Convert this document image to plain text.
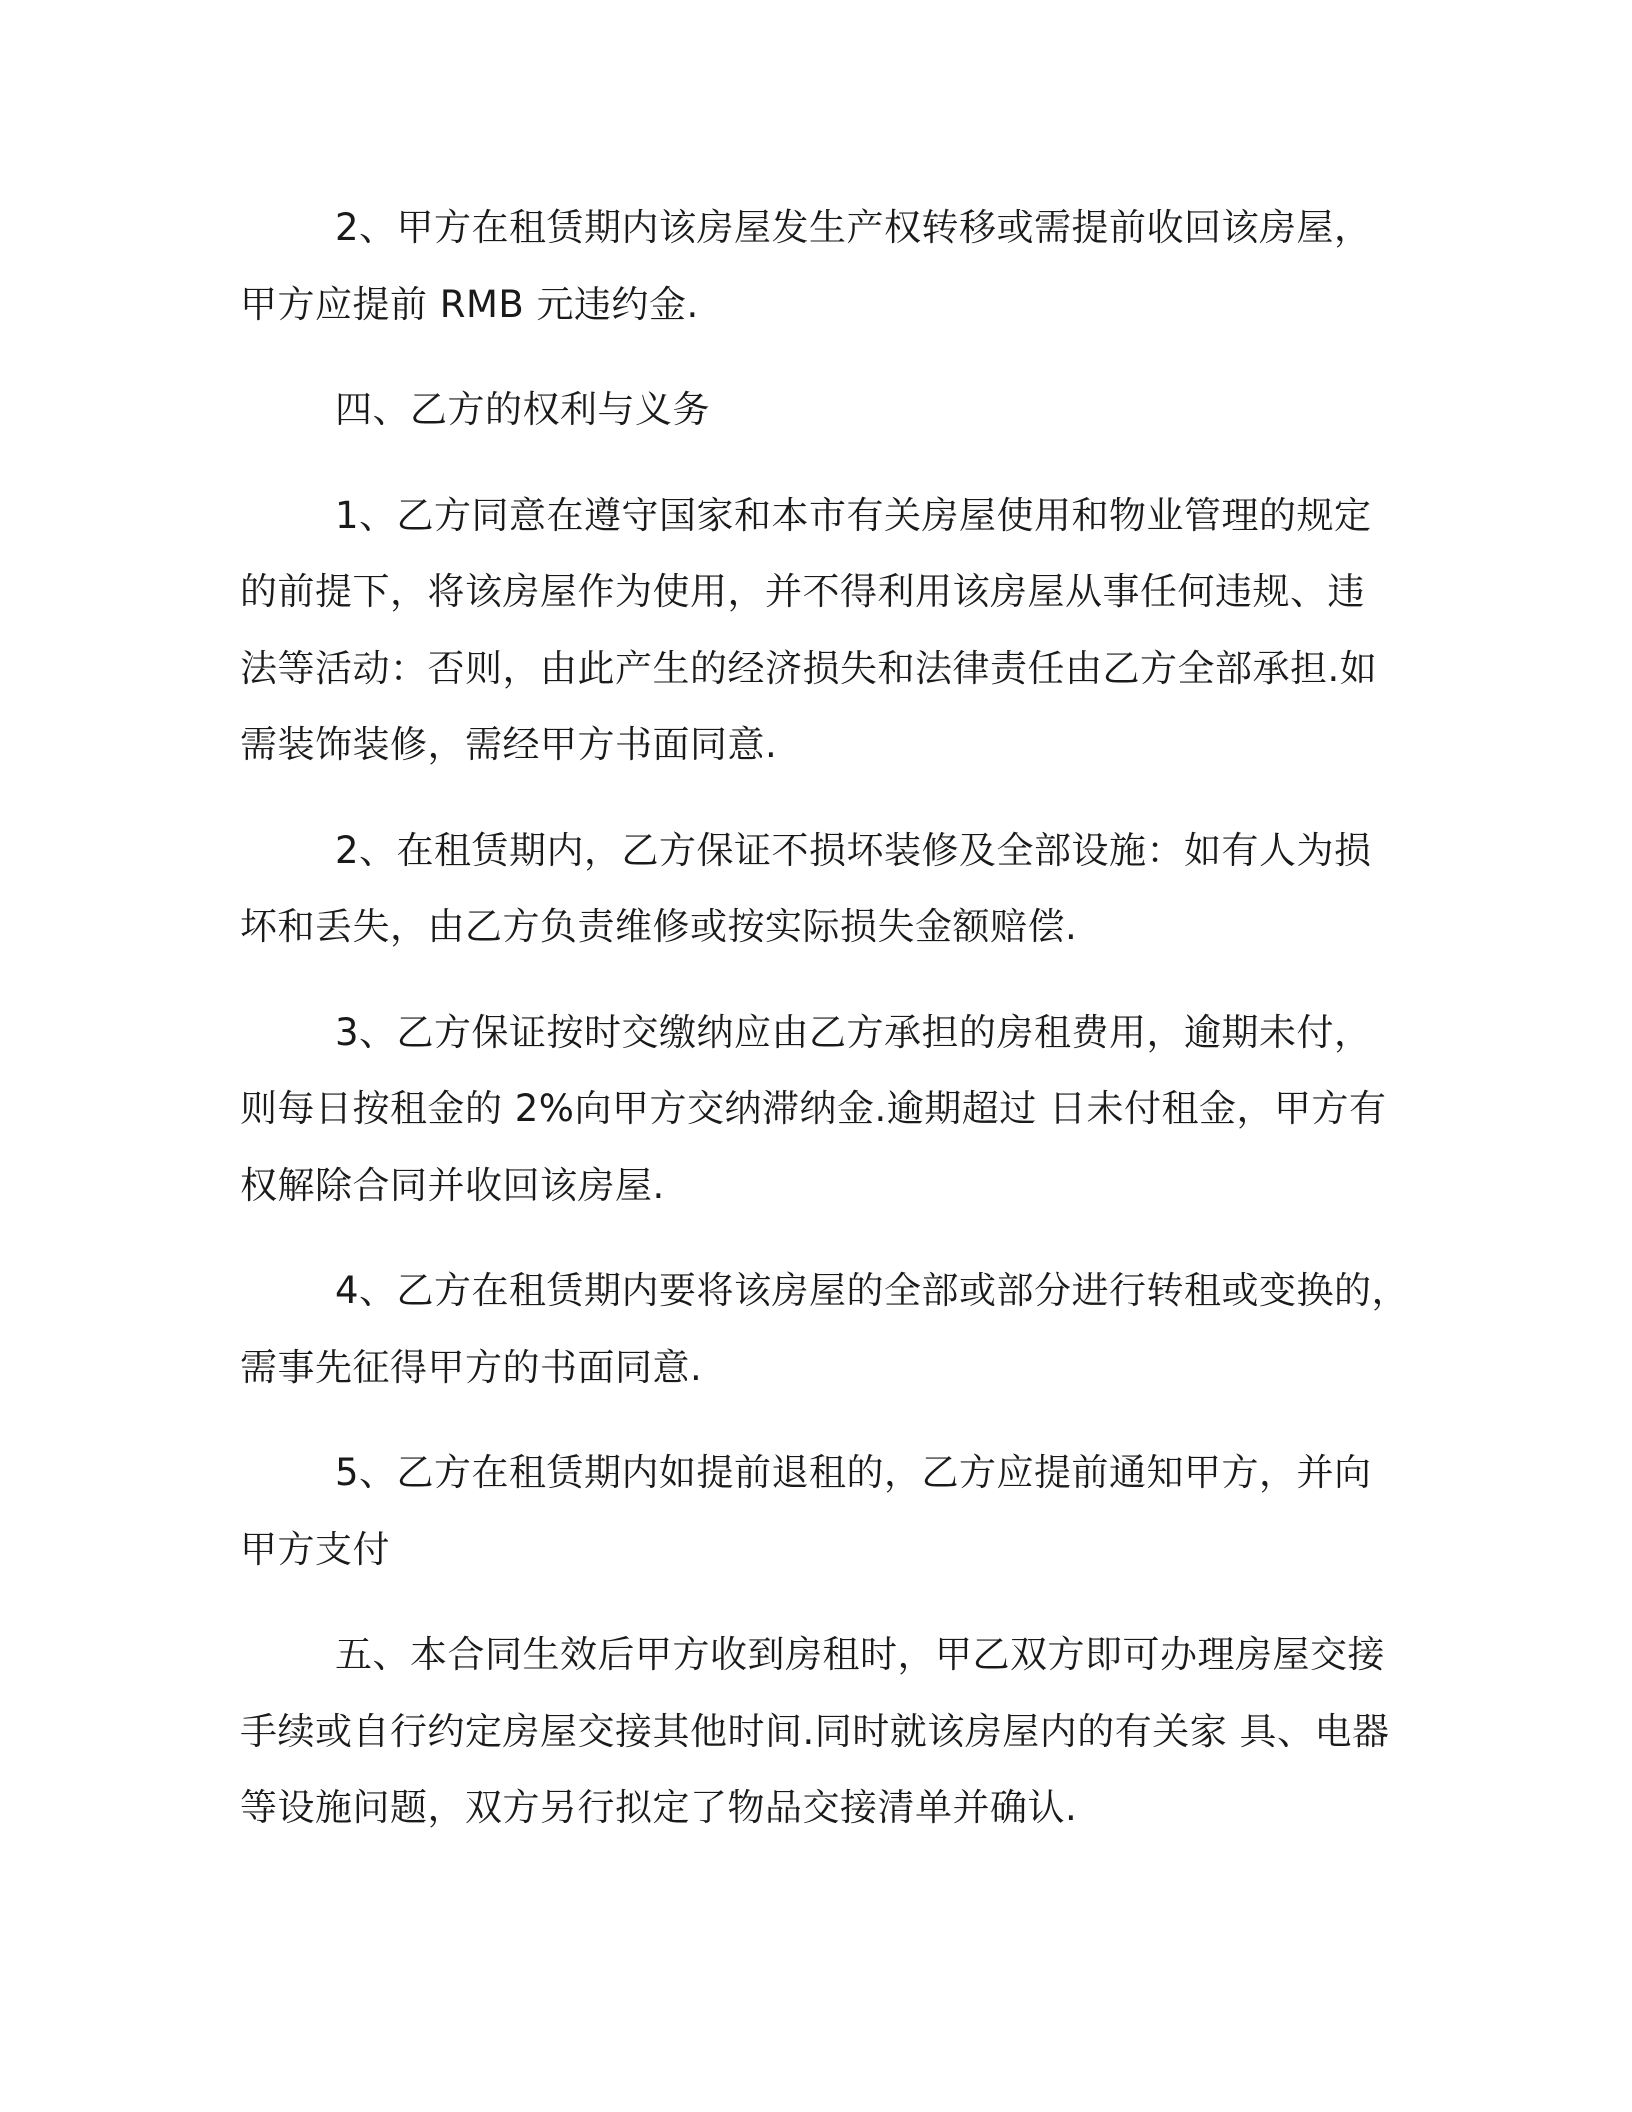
2、甲方在租赁期内该房屋发生产权转移或需提前收回该房屋，
甲方应提前 RMB 元违约金.

四、乙方的权利与义务

1、乙方同意在遵守国家和本市有关房屋使用和物业管理的规定
的前提下，将该房屋作为使用，并不得利用该房屋从事任何违规、违
法等活动：否则，由此产生的经济损失和法律责任由乙方全部承担.如
需装饰装修，需经甲方书面同意.

2、在租赁期内，乙方保证不损坏装修及全部设施：如有人为损
坏和丢失，由乙方负责维修或按实际损失金额赔偿.

3、乙方保证按时交缴纳应由乙方承担的房租费用，逾期未付，
则每日按租金的 2%向甲方交纳滞纳金.逾期超过 日未付租金，甲方有
权解除合同并收回该房屋.

4、乙方在租赁期内要将该房屋的全部或部分进行转租或变换的，
需事先征得甲方的书面同意.

5、乙方在租赁期内如提前退租的，乙方应提前通知甲方，并向
甲方支付

五、本合同生效后甲方收到房租时，甲乙双方即可办理房屋交接
手续或自行约定房屋交接其他时间.同时就该房屋内的有关家 具、电器
等设施问题，双方另行拟定了物品交接清单并确认.
